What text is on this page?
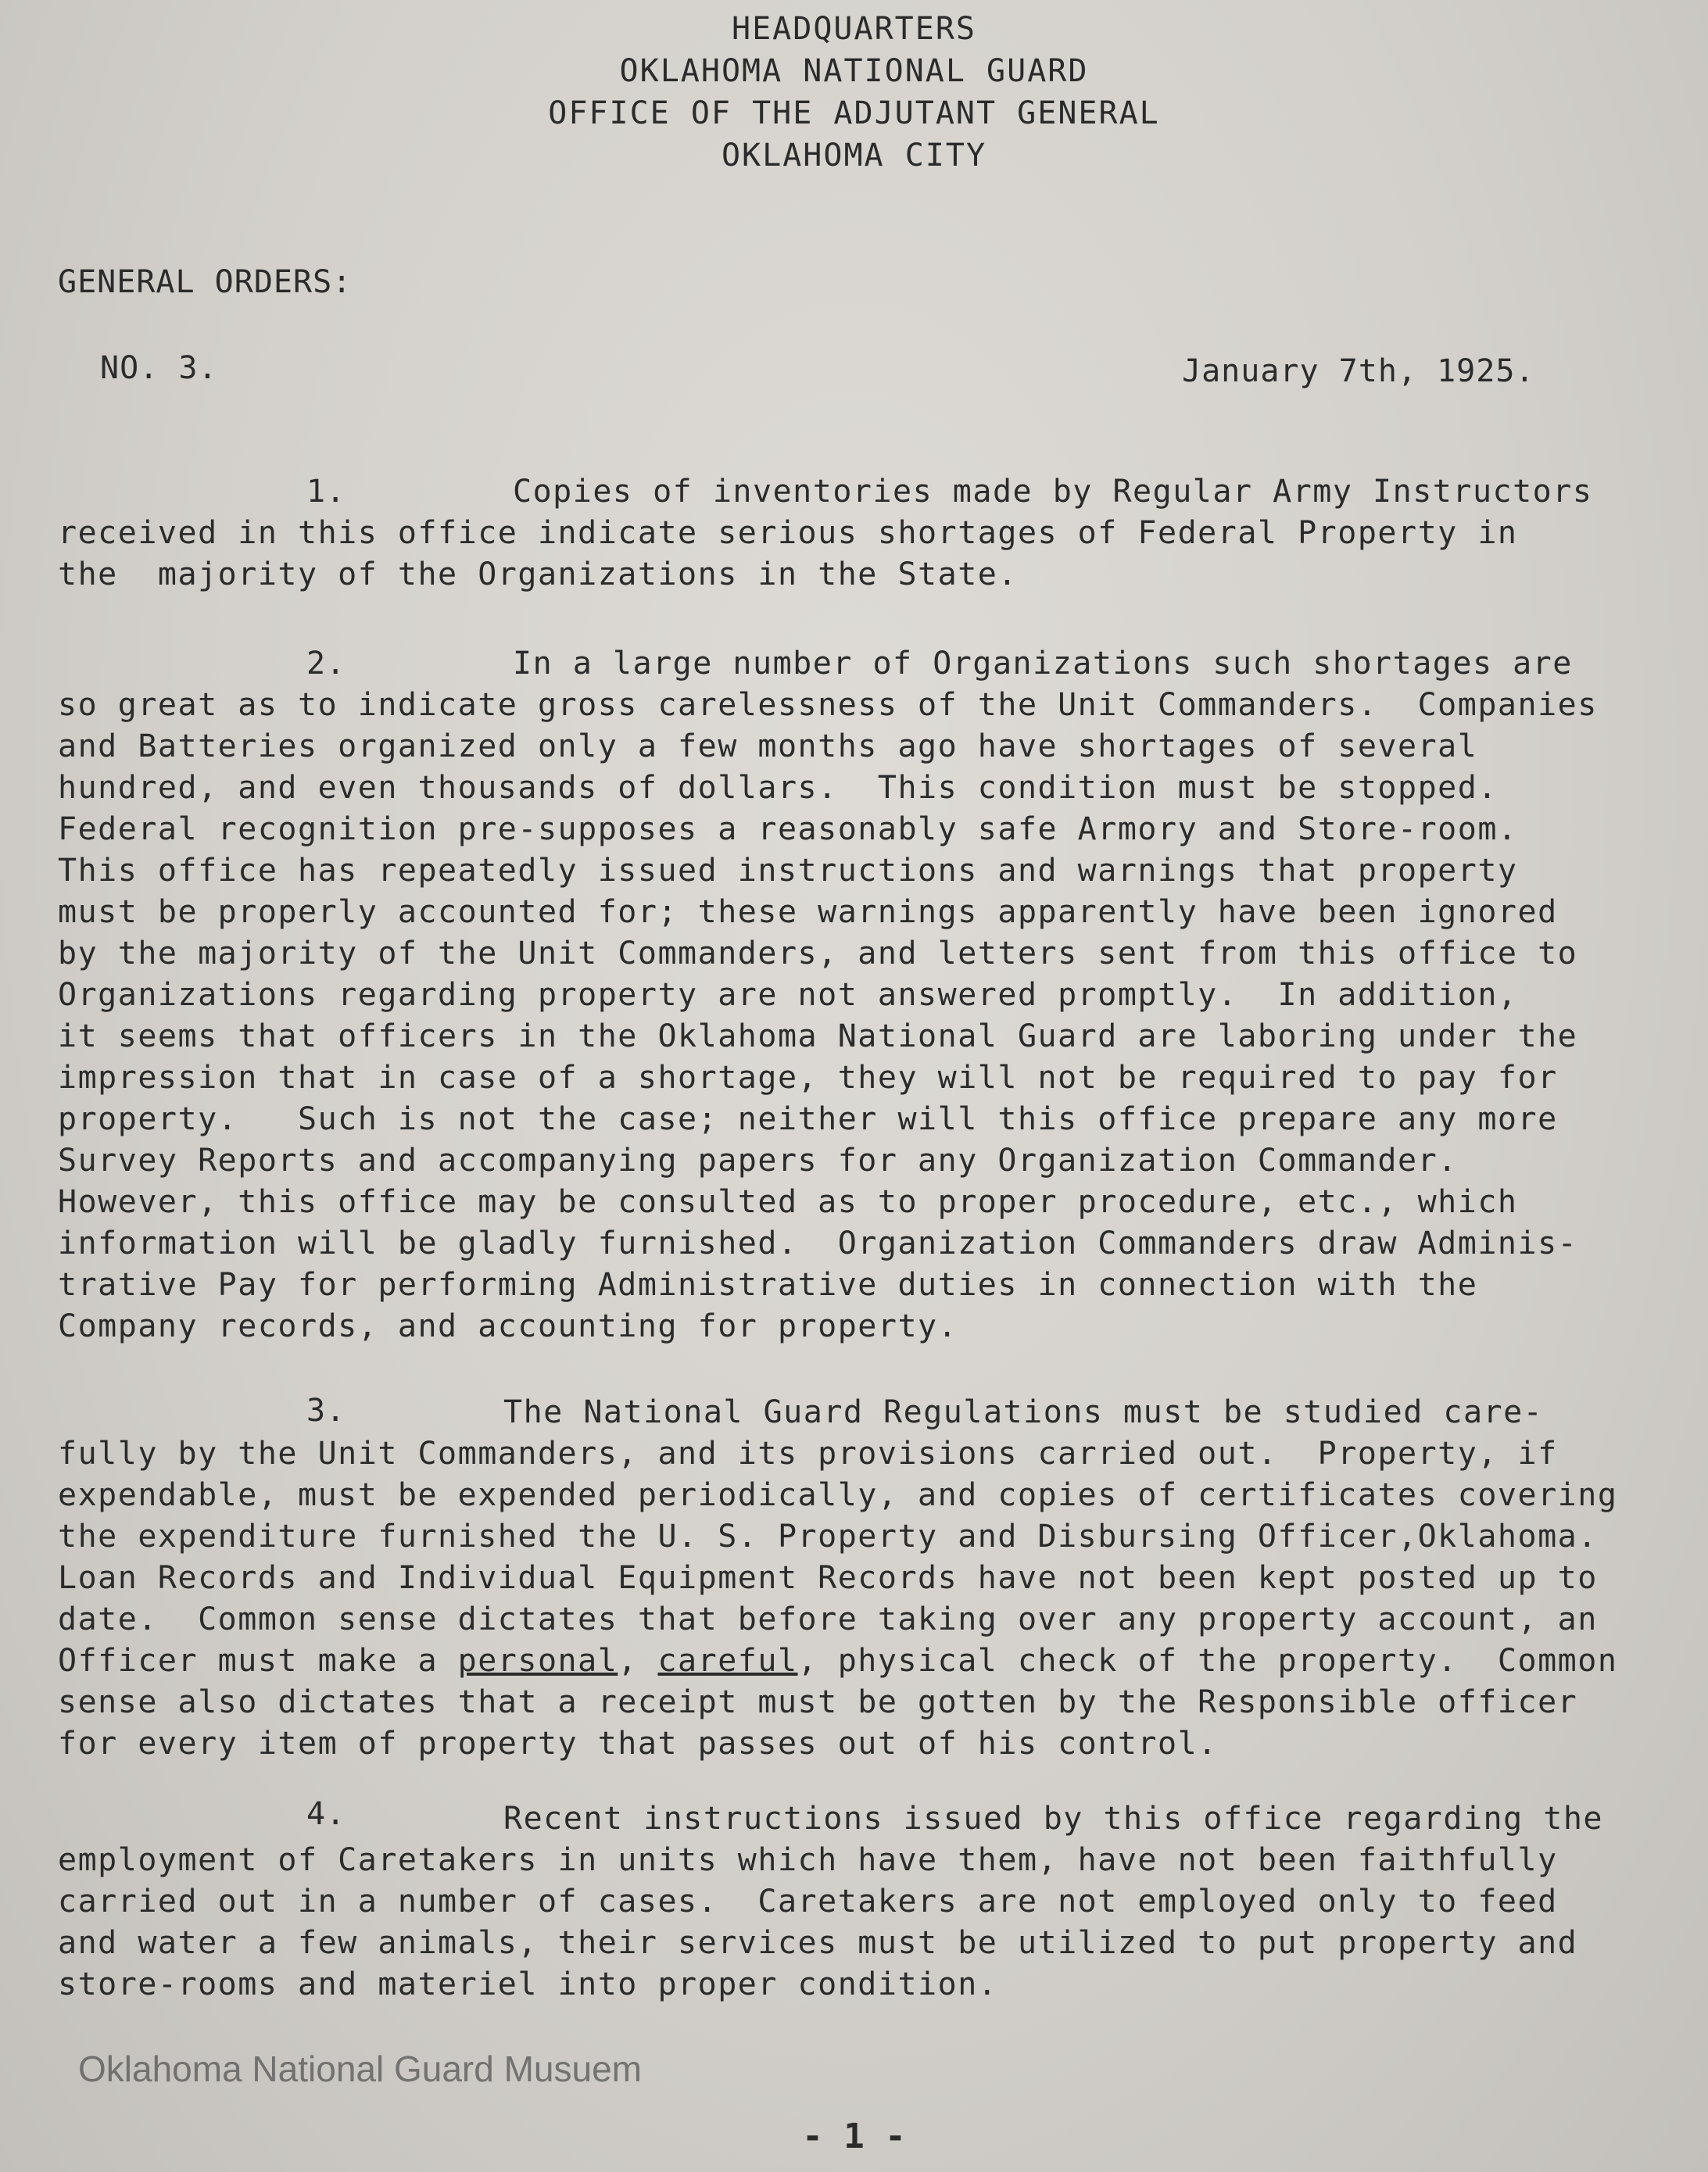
HEADQUARTERS
OKLAHOMA NATIONAL GUARD
OFFICE OF THE ADJUTANT GENERAL
OKLAHOMA CITY
GENERAL ORDERS:
NO. 3.	January 7th, 1925.
1.	Copies of inventories made by Regular Army Instructors
received in this office indicate serious shortages of Federal Property in
the  majority of the Organizations in the State.
2.	In a large number of Organizations such shortages are
so great as to indicate gross carelessness of the Unit Commanders.  Companies
and Batteries organized only a few months ago have shortages of several
hundred, and even thousands of dollars.  This condition must be stopped.
Federal recognition pre-supposes a reasonably safe Armory and Store-room.
This office has repeatedly issued instructions and warnings that property
must be properly accounted for; these warnings apparently have been ignored
by the majority of the Unit Commanders, and letters sent from this office to
Organizations regarding property are not answered promptly.  In addition,
it seems that officers in the Oklahoma National Guard are laboring under the
impression that in case of a shortage, they will not be required to pay for
property.   Such is not the case; neither will this office prepare any more
Survey Reports and accompanying papers for any Organization Commander.
However, this office may be consulted as to proper procedure, etc., which
information will be gladly furnished.  Organization Commanders draw Adminis-
trative Pay for performing Administrative duties in connection with the
Company records, and accounting for property.
3.	The National Guard Regulations must be studied care-
fully by the Unit Commanders, and its provisions carried out.  Property, if
expendable, must be expended periodically, and copies of certificates covering
the expenditure furnished the U. S. Property and Disbursing Officer,Oklahoma.
Loan Records and Individual Equipment Records have not been kept posted up to
date.  Common sense dictates that before taking over any property account, an
Officer must make a personal, careful, physical check of the property.  Common
sense also dictates that a receipt must be gotten by the Responsible officer
for every item of property that passes out of his control.
4.	Recent instructions issued by this office regarding the
employment of Caretakers in units which have them, have not been faithfully
carried out in a number of cases.  Caretakers are not employed only to feed
and water a few animals, their services must be utilized to put property and
store-rooms and materiel into proper condition.
Oklahoma National Guard Musuem
- 1 -
